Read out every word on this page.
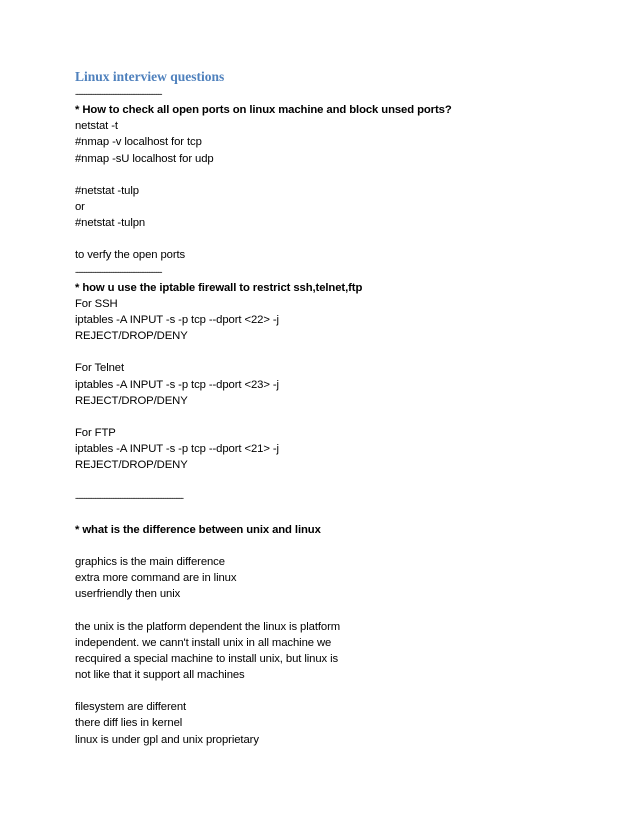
Linux interview questions
------------------------------------------------
* How to check all open ports on linux machine and block unsed ports?
netstat -t
#nmap -v localhost for tcp
#nmap -sU localhost for udp
#netstat -tulp
or
#netstat -tulpn
to verfy the open ports
------------------------------------------------
* how u use the iptable firewall to restrict ssh,telnet,ftp
For SSH
iptables -A INPUT -s -p tcp --dport <22> -j
REJECT/DROP/DENY
For Telnet
iptables -A INPUT -s -p tcp --dport <23> -j
REJECT/DROP/DENY
For FTP
iptables -A INPUT -s -p tcp --dport <21> -j
REJECT/DROP/DENY
------------------------------------------------------------
* what is the difference between unix and linux
graphics is the main difference
extra more command are in linux
userfriendly then unix
the unix is the platform dependent the linux is platform
independent. we cann't install unix in all machine we
recquired a special machine to install unix, but linux is
not like that it support all machines
filesystem are different
there diff lies in kernel
linux is under gpl and unix proprietary
